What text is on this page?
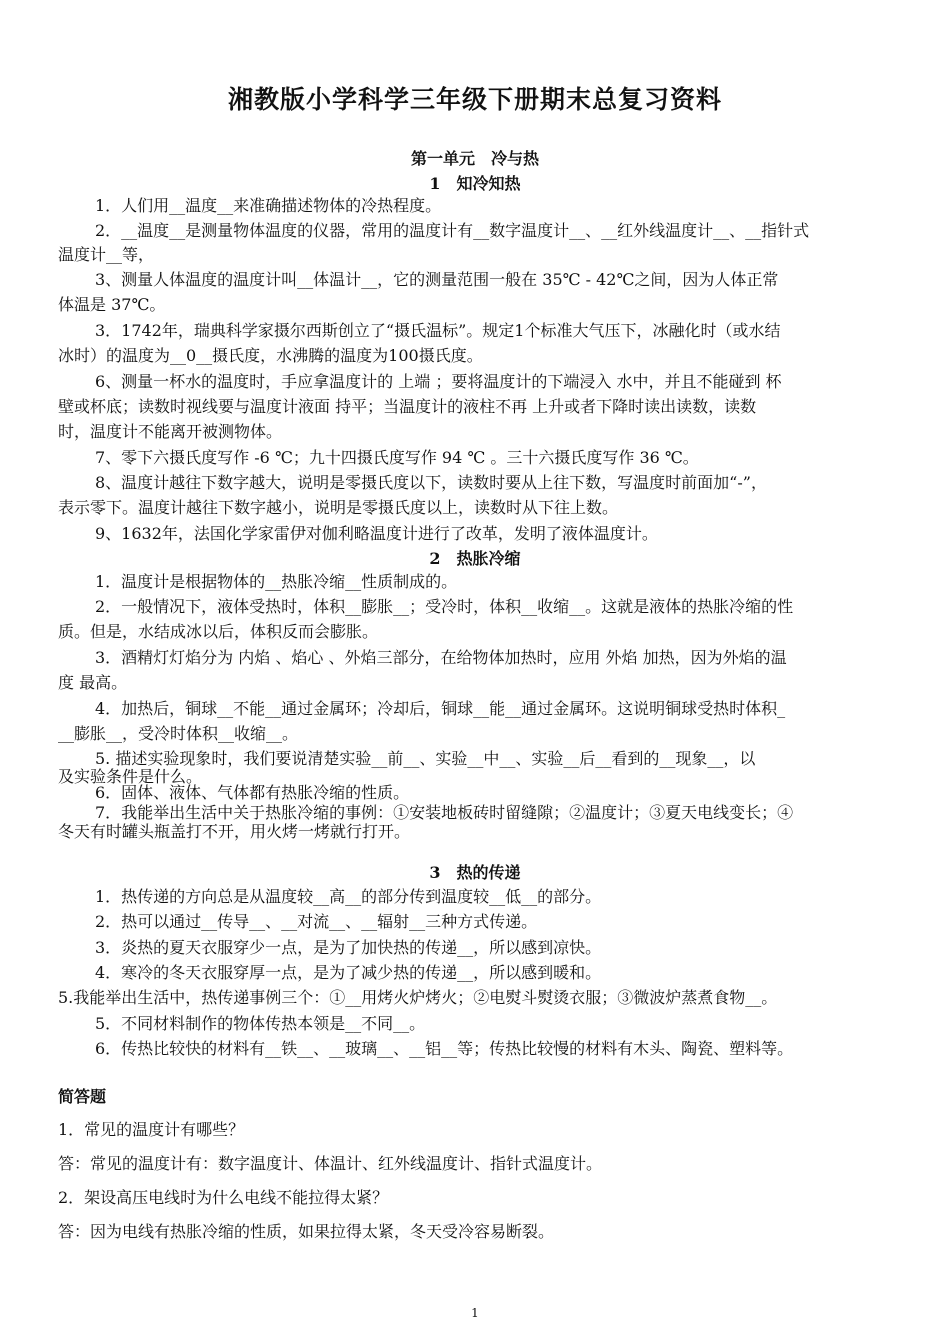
湘教版小学科学三年级下册期末总复习资料
第一单元　冷与热
1　知冷知热
1．人们用__温度__来准确描述物体的冷热程度。
2．__温度__是测量物体温度的仪器，常用的温度计有__数字温度计__、__红外线温度计__、__指针式
温度计__等，
3、测量人体温度的温度计叫__体温计__，它的测量范围一般在 35℃ - 42℃之间，因为人体正常
体温是 37℃。
3．1742年，瑞典科学家摄尔西斯创立了“摄氏温标”。规定1个标准大气压下，冰融化时（或水结
冰时）的温度为__0__摄氏度，水沸腾的温度为100摄氏度。
6、测量一杯水的温度时，手应拿温度计的 上端 ；要将温度计的下端浸入 水中，并且不能碰到 杯
壁或杯底；读数时视线要与温度计液面 持平；当温度计的液柱不再 上升或者下降时读出读数，读数
时，温度计不能离开被测物体。
7、零下六摄氏度写作 -6 ℃；九十四摄氏度写作 94 ℃ 。三十六摄氏度写作 36 ℃。
8、温度计越往下数字越大，说明是零摄氏度以下，读数时要从上往下数，写温度时前面加“-”，
表示零下。温度计越往下数字越小，说明是零摄氏度以上，读数时从下往上数。
9、1632年，法国化学家雷伊对伽利略温度计进行了改革，发明了液体温度计。
2　热胀冷缩
1．温度计是根据物体的__热胀冷缩__性质制成的。
2．一般情况下，液体受热时，体积__膨胀__；受冷时，体积__收缩__。这就是液体的热胀冷缩的性
质。但是，水结成冰以后，体积反而会膨胀。
3．酒精灯灯焰分为 内焰 、焰心 、外焰三部分，在给物体加热时，应用 外焰 加热，因为外焰的温
度 最高。
4．加热后，铜球__不能__通过金属环；冷却后，铜球__能__通过金属环。这说明铜球受热时体积_
__膨胀__，受冷时体积__收缩__。
5. 描述实验现象时，我们要说清楚实验__前__、实验__中__、实验__后__看到的__现象__，以
及实验条件是什么。
6．固体、液体、气体都有热胀冷缩的性质。
7．我能举出生活中关于热胀冷缩的事例：①安装地板砖时留缝隙；②温度计；③夏天电线变长；④
冬天有时罐头瓶盖打不开，用火烤一烤就行打开。
3　热的传递
1．热传递的方向总是从温度较__高__的部分传到温度较__低__的部分。
2．热可以通过__传导__、__对流__、__辐射__三种方式传递。
3．炎热的夏天衣服穿少一点，是为了加快热的传递__，所以感到凉快。
4．寒冷的冬天衣服穿厚一点，是为了减少热的传递__，所以感到暖和。
5.我能举出生活中，热传递事例三个：①__用烤火炉烤火；②电熨斗熨烫衣服；③微波炉蒸煮食物__。
5．不同材料制作的物体传热本领是__不同__。
6．传热比较快的材料有__铁__、__玻璃__、__铝__等；传热比较慢的材料有木头、陶瓷、塑料等。
简答题
1．常见的温度计有哪些？
答：常见的温度计有：数字温度计、体温计、红外线温度计、指针式温度计。
2．架设高压电线时为什么电线不能拉得太紧？
答：因为电线有热胀冷缩的性质，如果拉得太紧，冬天受冷容易断裂。
1
